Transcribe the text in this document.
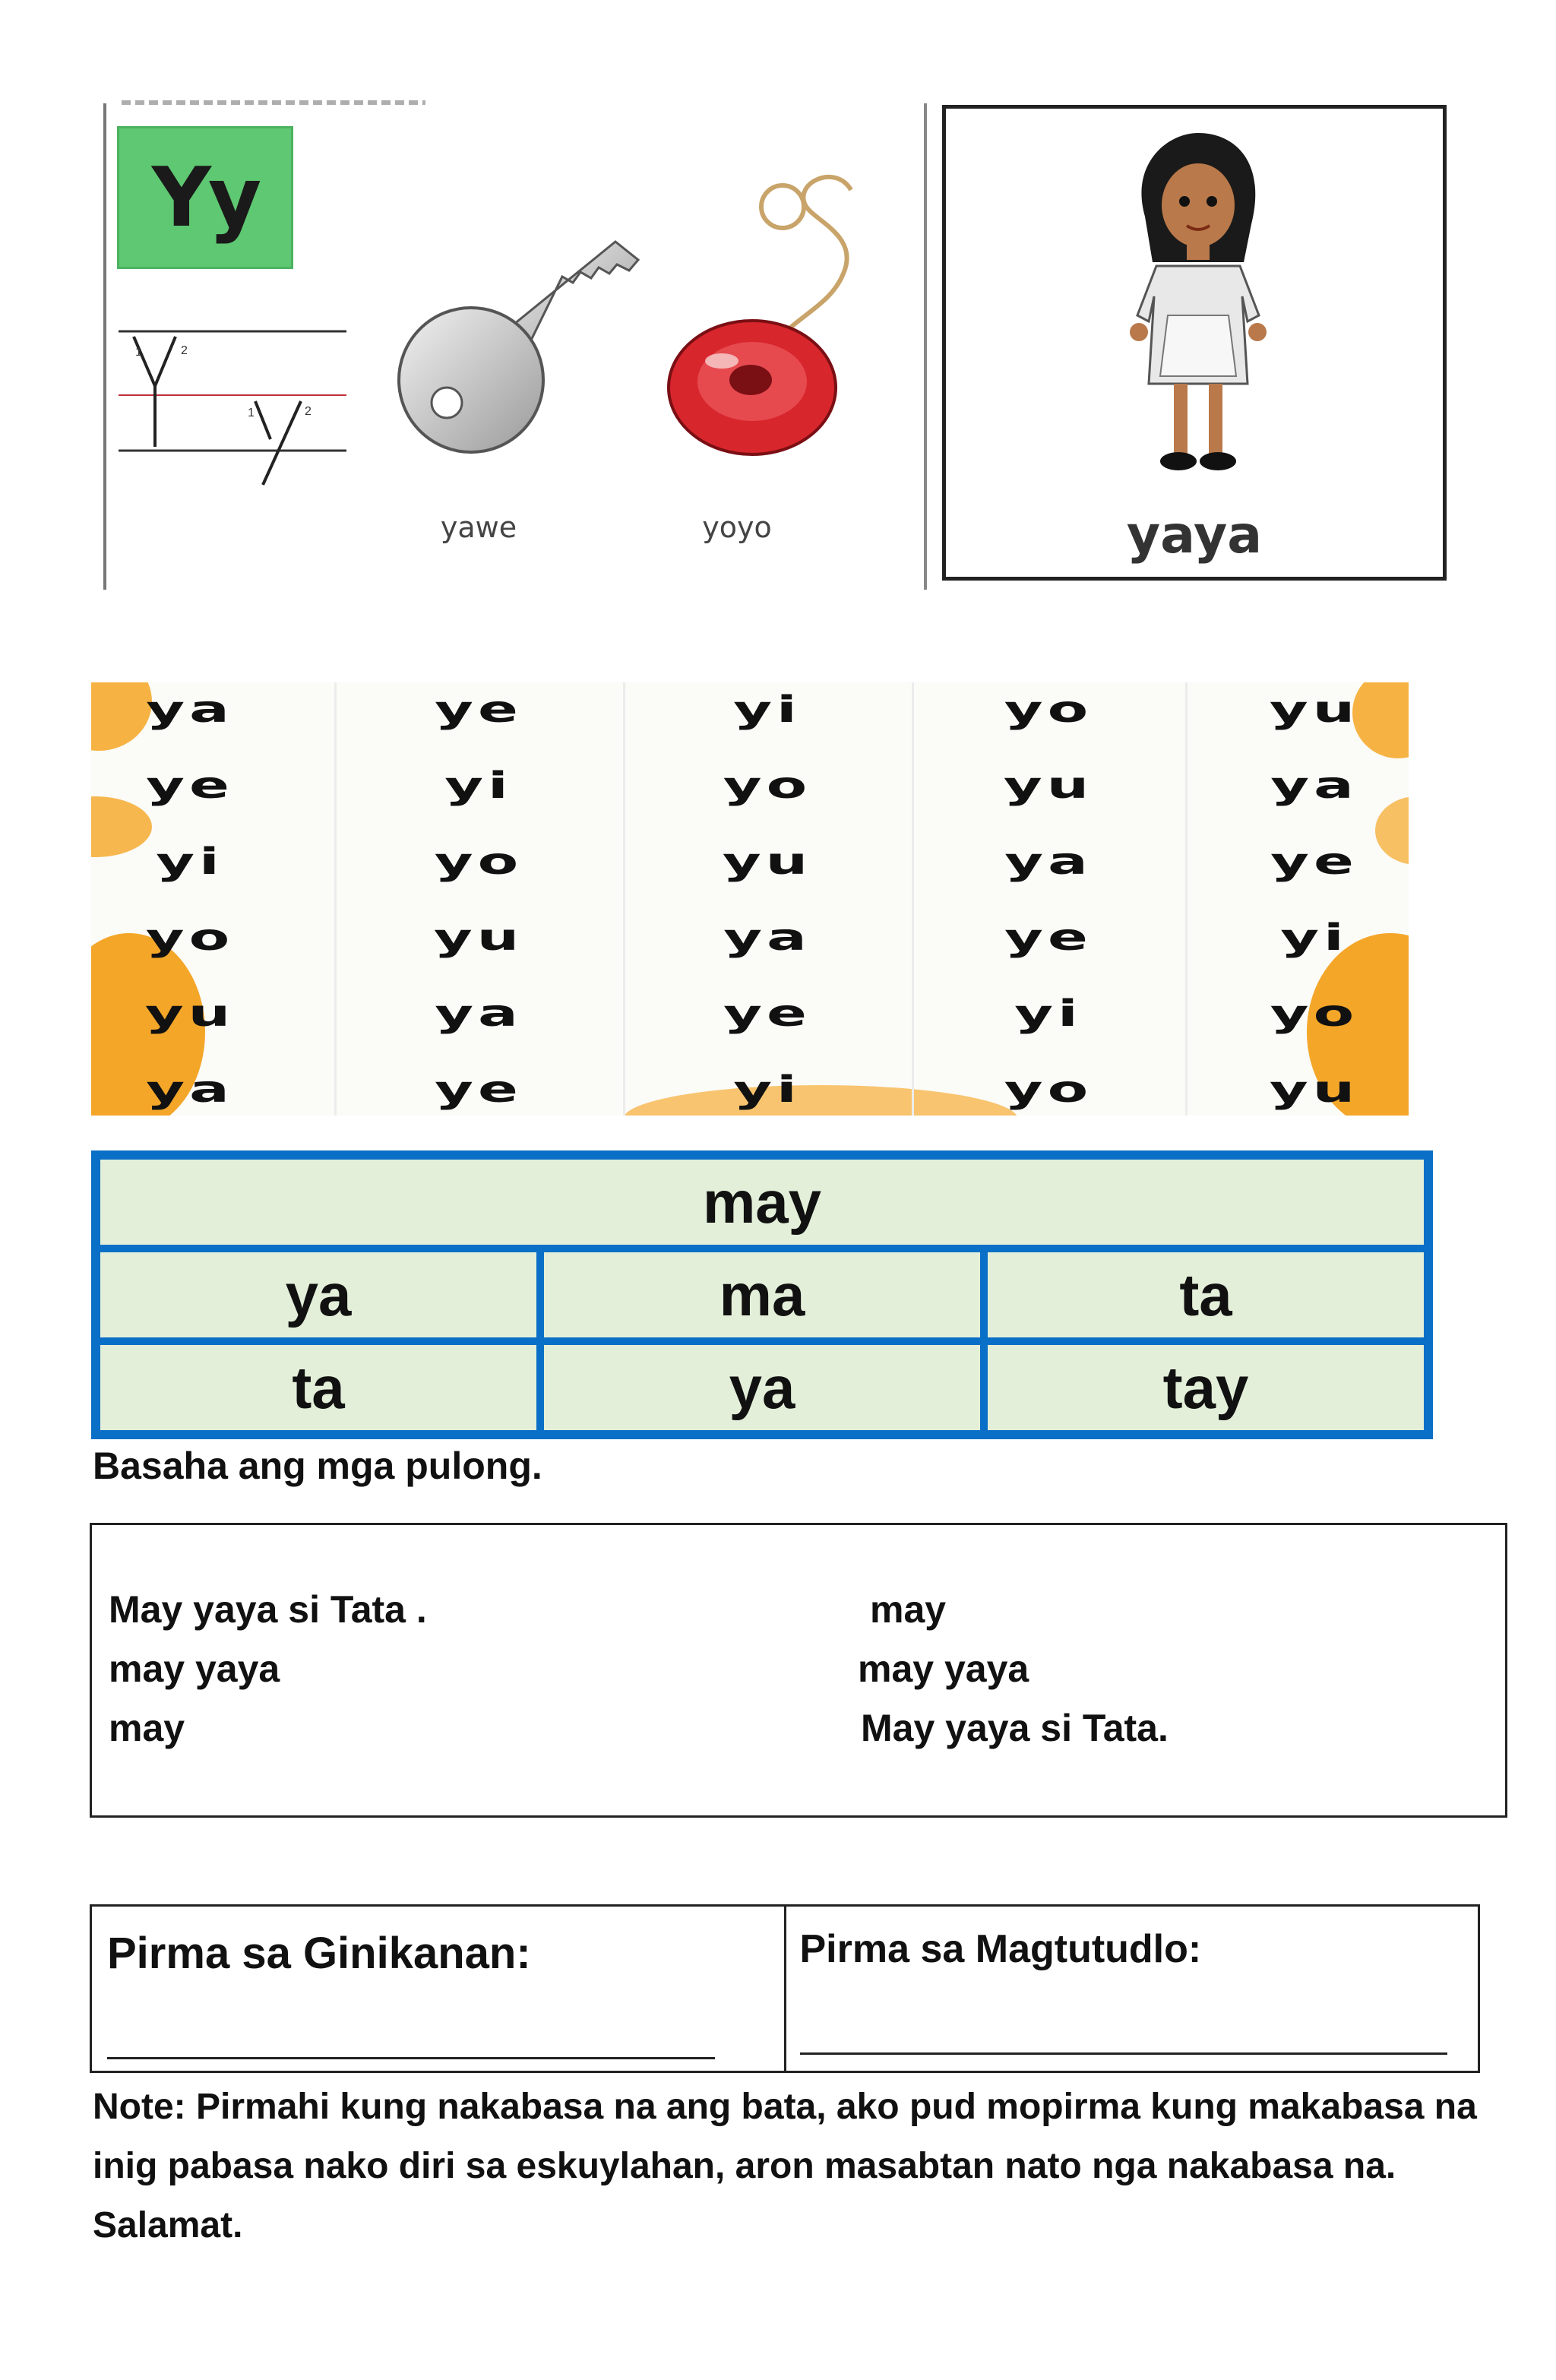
Yy
1	2
1	2
yawe	yoyo	yaya
ya	ye	yi	yo	yu
ye	yi	yo	yu	ya
yi	yo	yu	ya	ye
yo	yu	ya	ye	yi
yu	ya	ye	yi	yo
ya	ye	yi	yo	yu
may
ya	ma	ta
ta	ya	tay
Basaha ang mga pulong.
May yaya si Tata .
may yaya
may
may
may yaya
May yaya si Tata.
Pirma sa Ginikanan:	Pirma sa Magtutudlo:
Note: Pirmahi kung nakabasa na ang bata, ako pud mopirma kung makabasa na inig pabasa nako diri sa eskuylahan, aron masabtan nato nga nakabasa na. Salamat.
